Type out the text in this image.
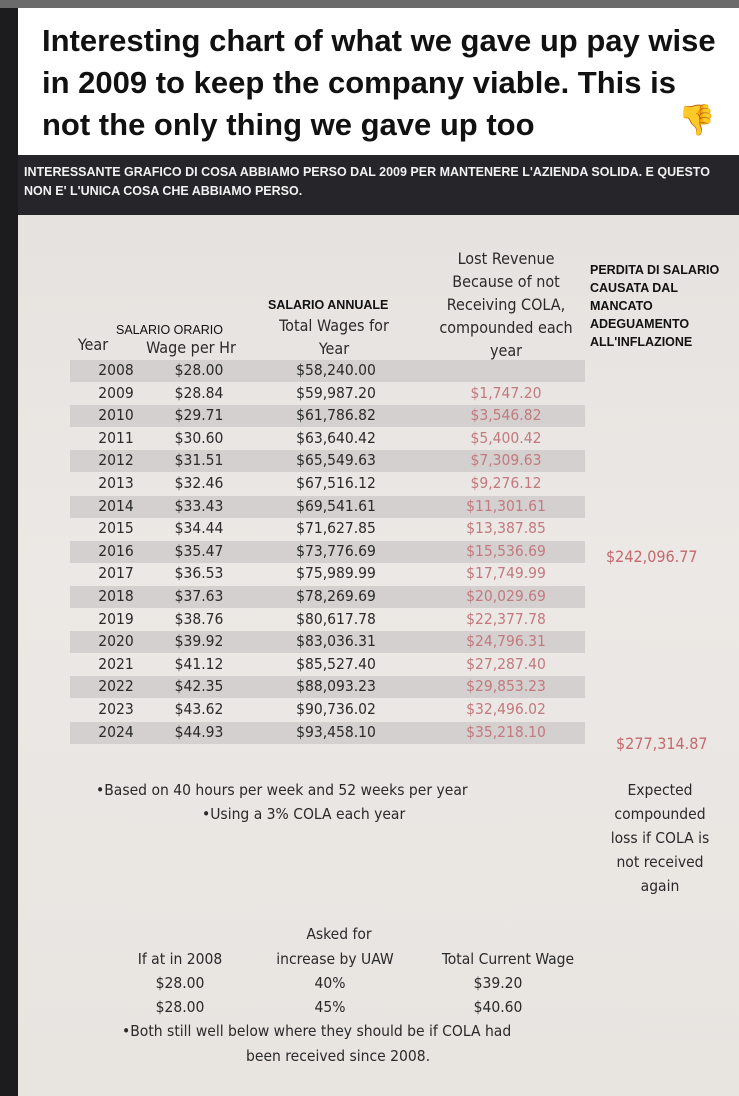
Interesting chart of what we gave up pay wise in 2009 to keep the company viable. This is not the only thing we gave up too	👎
INTERESSANTE GRAFICO DI COSA ABBIAMO PERSO DAL 2009 PER MANTENERE L'AZIENDA SOLIDA. E QUESTO NON E' L'UNICA COSA CHE ABBIAMO PERSO.
SALARIO ORARIO
SALARIO ANNUALE
PERDITA DI SALARIO CAUSATA DAL MANCATO ADEGUAMENTO ALL'INFLAZIONE
Year	Wage per Hr
Total Wages for
Year
Lost Revenue
Because of not
Receiving COLA,
compounded each
year
2008	$28.00	$58,240.00
2009	$28.84	$59,987.20	$1,747.20
2010	$29.71	$61,786.82	$3,546.82
2011	$30.60	$63,640.42	$5,400.42
2012	$31.51	$65,549.63	$7,309.63
2013	$32.46	$67,516.12	$9,276.12
2014	$33.43	$69,541.61	$11,301.61
2015	$34.44	$71,627.85	$13,387.85
2016	$35.47	$73,776.69	$15,536.69
2017	$36.53	$75,989.99	$17,749.99
2018	$37.63	$78,269.69	$20,029.69
2019	$38.76	$80,617.78	$22,377.78
2020	$39.92	$83,036.31	$24,796.31
2021	$41.12	$85,527.40	$27,287.40
2022	$42.35	$88,093.23	$29,853.23
2023	$43.62	$90,736.02	$32,496.02
2024	$44.93	$93,458.10	$35,218.10
$242,096.77
$277,314.87
•Based on 40 hours per week and 52 weeks per year
•Using a 3% COLA each year
Expected
compounded
loss if COLA is
not received
again
Asked for
If at in 2008	increase by UAW	Total Current Wage
$28.00	40%	$39.20
$28.00	45%	$40.60
•Both still well below where they should be if COLA had
been received since 2008.
